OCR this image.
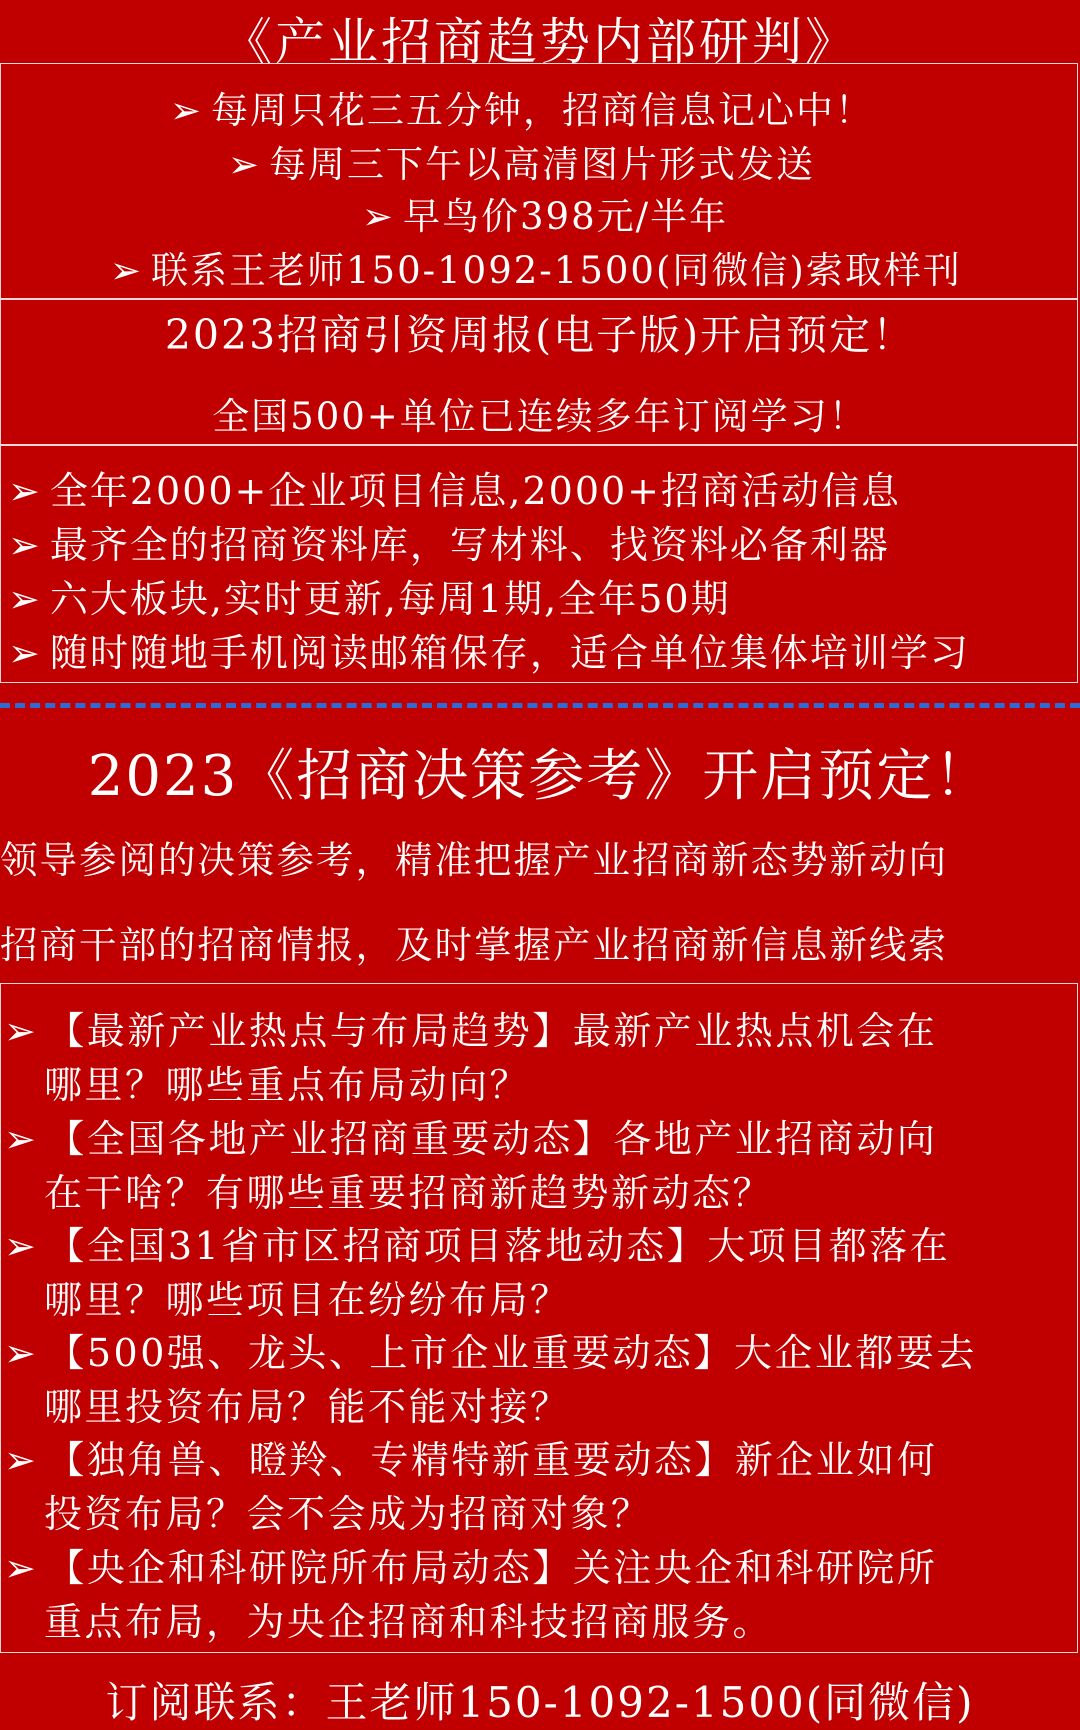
《产业招商趋势内部研判》
➢ 每周只花三五分钟，招商信息记心中！
➢ 每周三下午以高清图片形式发送
➢ 早鸟价398元/半年
➢ 联系王老师150-1092-1500(同微信)索取样刊
2023招商引资周报(电子版)开启预定！
全国500+单位已连续多年订阅学习！
➢ 全年2000+企业项目信息,2000+招商活动信息
➢ 最齐全的招商资料库，写材料、找资料必备利器
➢ 六大板块,实时更新,每周1期,全年50期
➢ 随时随地手机阅读邮箱保存，适合单位集体培训学习
2023《招商决策参考》开启预定！
领导参阅的决策参考，精准把握产业招商新态势新动向
招商干部的招商情报，及时掌握产业招商新信息新线索
➢ 【最新产业热点与布局趋势】最新产业热点机会在
哪里？哪些重点布局动向？
➢ 【全国各地产业招商重要动态】各地产业招商动向
在干啥？有哪些重要招商新趋势新动态？
➢ 【全国31省市区招商项目落地动态】大项目都落在
哪里？哪些项目在纷纷布局？
➢ 【500强、龙头、上市企业重要动态】大企业都要去
哪里投资布局？能不能对接？
➢ 【独角兽、瞪羚、专精特新重要动态】新企业如何
投资布局？会不会成为招商对象？
➢ 【央企和科研院所布局动态】关注央企和科研院所
重点布局，为央企招商和科技招商服务。
订阅联系：王老师150-1092-1500(同微信)
